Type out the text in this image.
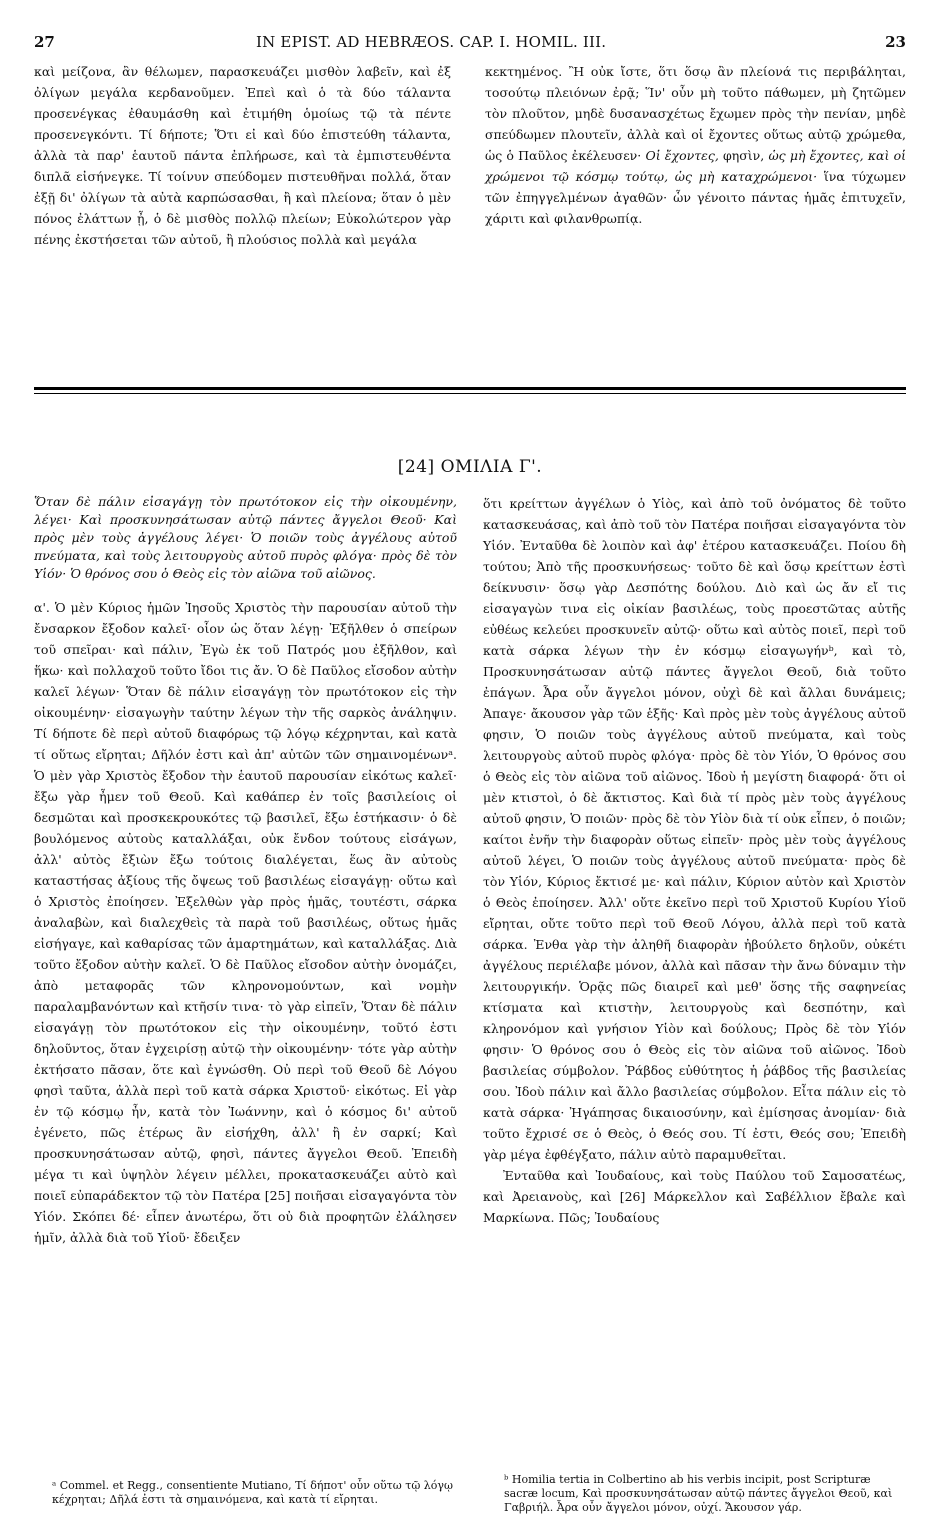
27	IN EPIST. AD HEBRÆOS. CAP. I. HOMIL. III.	23

καὶ μείζονα, ἂν θέλωμεν, παρασκευάζει μισθὸν λαβεῖν, καὶ ἐξ ὀλίγων μεγάλα κερδανοῦμεν. Ἐπεὶ καὶ ὁ τὰ δύο τάλαντα προσενέγκας ἐθαυμάσθη καὶ ἐτιμήθη ὁμοίως τῷ τὰ πέντε προσενεγκόντι. Τί δήποτε; Ὅτι εἰ καὶ δύο ἐπιστεύθη τάλαντα, ἀλλὰ τὰ παρ' ἑαυτοῦ πάντα ἐπλήρωσε, καὶ τὰ ἐμπιστευθέντα διπλᾶ εἰσήνεγκε. Τί τοίνυν σπεύδομεν πιστευθῆναι πολλά, ὅταν ἐξῇ δι' ὀλίγων τὰ αὐτὰ καρπώσασθαι, ἢ καὶ πλείονα; ὅταν ὁ μὲν πόνος ἐλάττων ᾖ, ὁ δὲ μισθὸς πολλῷ πλείων; Εὐκολώτερον γὰρ πένης ἐκστήσεται τῶν αὐτοῦ, ἢ πλούσιος πολλὰ καὶ μεγάλα

κεκτημένος. Ἢ οὐκ ἴστε, ὅτι ὅσῳ ἂν πλείονά τις περιβάληται, τοσούτῳ πλειόνων ἐρᾷ; Ἵν' οὖν μὴ τοῦτο πάθωμεν, μὴ ζητῶμεν τὸν πλοῦτον, μηδὲ δυσανασχέτως ἔχωμεν πρὸς τὴν πενίαν, μηδὲ σπεύδωμεν πλουτεῖν, ἀλλὰ καὶ οἱ ἔχοντες οὕτως αὐτῷ χρώμεθα, ὡς ὁ Παῦλος ἐκέλευσεν· Οἱ ἔχοντες, φησὶν, ὡς μὴ ἔχοντες, καὶ οἱ χρώμενοι τῷ κόσμῳ τούτῳ, ὡς μὴ καταχρώμενοι· ἵνα τύχωμεν τῶν ἐπηγγελμένων ἀγαθῶν· ὧν γένοιτο πάντας ἡμᾶς ἐπιτυχεῖν, χάριτι καὶ φιλανθρωπίᾳ.

[24] ΟΜΙΛΙΑ Γ'.

Ὅταν δὲ πάλιν εἰσαγάγῃ τὸν πρωτότοκον εἰς τὴν οἰκουμένην, λέγει· Καὶ προσκυνησάτωσαν αὐτῷ πάντες ἄγγελοι Θεοῦ· Καὶ πρὸς μὲν τοὺς ἀγγέλους λέγει· Ὁ ποιῶν τοὺς ἀγγέλους αὐτοῦ πνεύματα, καὶ τοὺς λειτουργοὺς αὐτοῦ πυρὸς φλόγα· πρὸς δὲ τὸν Υἱόν· Ὁ θρόνος σου ὁ Θεὸς εἰς τὸν αἰῶνα τοῦ αἰῶνος.

α'. Ὁ μὲν Κύριος ἡμῶν Ἰησοῦς Χριστὸς τὴν παρουσίαν αὐτοῦ τὴν ἔνσαρκον ἔξοδον καλεῖ· οἷον ὡς ὅταν λέγῃ· Ἐξῆλθεν ὁ σπείρων τοῦ σπεῖραι· καὶ πάλιν, Ἐγὼ ἐκ τοῦ Πατρός μου ἐξῆλθον, καὶ ἥκω· καὶ πολλαχοῦ τοῦτο ἴδοι τις ἄν. Ὁ δὲ Παῦλος εἴσοδον αὐτὴν καλεῖ λέγων· Ὅταν δὲ πάλιν εἰσαγάγῃ τὸν πρωτότοκον εἰς τὴν οἰκουμένην· εἰσαγωγὴν ταύτην λέγων τὴν τῆς σαρκὸς ἀνάληψιν. Τί δήποτε δὲ περὶ αὐτοῦ διαφόρως τῷ λόγῳ κέχρηνται, καὶ κατὰ τί οὕτως εἴρηται; Δῆλόν ἐστι καὶ ἀπ' αὐτῶν τῶν σημαινομένωνᵃ. Ὁ μὲν γὰρ Χριστὸς ἔξοδον τὴν ἑαυτοῦ παρουσίαν εἰκότως καλεῖ· ἔξω γὰρ ἦμεν τοῦ Θεοῦ. Καὶ καθάπερ ἐν τοῖς βασιλείοις οἱ δεσμῶται καὶ προσκεκρουκότες τῷ βασιλεῖ, ἔξω ἑστήκασιν· ὁ δὲ βουλόμενος αὐτοὺς καταλλάξαι, οὐκ ἔνδον τούτους εἰσάγων, ἀλλ' αὐτὸς ἔξιὼν ἔξω τούτοις διαλέγεται, ἕως ἂν αὐτοὺς καταστήσας ἀξίους τῆς ὄψεως τοῦ βασιλέως εἰσαγάγῃ· οὕτω καὶ ὁ Χριστὸς ἐποίησεν. Ἐξελθὼν γὰρ πρὸς ἡμᾶς, τουτέστι, σάρκα ἀναλαβὼν, καὶ διαλεχθεὶς τὰ παρὰ τοῦ βασιλέως, οὕτως ἡμᾶς εἰσήγαγε, καὶ καθαρίσας τῶν ἁμαρτημάτων, καὶ καταλλάξας. Διὰ τοῦτο ἔξοδον αὐτὴν καλεῖ. Ὁ δὲ Παῦλος εἴσοδον αὐτὴν ὀνομάζει, ἀπὸ μεταφορᾶς τῶν κληρονομούντων, καὶ νομὴν παραλαμβανόντων καὶ κτῆσίν τινα· τὸ γὰρ εἰπεῖν, Ὅταν δὲ πάλιν εἰσαγάγῃ τὸν πρωτότοκον εἰς τὴν οἰκουμένην, τοῦτό ἐστι δηλοῦντος, ὅταν ἐγχειρίσῃ αὐτῷ τὴν οἰκουμένην· τότε γὰρ αὐτὴν ἐκτήσατο πᾶσαν, ὅτε καὶ ἐγνώσθη. Οὐ περὶ τοῦ Θεοῦ δὲ Λόγου φησὶ ταῦτα, ἀλλὰ περὶ τοῦ κατὰ σάρκα Χριστοῦ· εἰκότως. Εἰ γὰρ ἐν τῷ κόσμῳ ἦν, κατὰ τὸν Ἰωάννην, καὶ ὁ κόσμος δι' αὐτοῦ ἐγένετο, πῶς ἑτέρως ἂν εἰσήχθη, ἀλλ' ἢ ἐν σαρκί; Καὶ προσκυνησάτωσαν αὐτῷ, φησὶ, πάντες ἄγγελοι Θεοῦ. Ἐπειδὴ μέγα τι καὶ ὑψηλὸν λέγειν μέλλει, προκατασκευάζει αὐτὸ καὶ ποιεῖ εὐπαράδεκτον τῷ τὸν Πατέρα [25] ποιῆσαι εἰσαγαγόντα τὸν Υἱόν. Σκόπει δέ· εἶπεν ἀνωτέρω, ὅτι οὐ διὰ προφητῶν ἐλάλησεν ἡμῖν, ἀλλὰ διὰ τοῦ Υἱοῦ· ἔδειξεν

ὅτι κρείττων ἀγγέλων ὁ Υἱὸς, καὶ ἀπὸ τοῦ ὀνόματος δὲ τοῦτο κατασκευάσας, καὶ ἀπὸ τοῦ τὸν Πατέρα ποιῆσαι εἰσαγαγόντα τὸν Υἱόν. Ἐνταῦθα δὲ λοιπὸν καὶ ἀφ' ἑτέρου κατασκευάζει. Ποίου δὴ τούτου; Ἀπὸ τῆς προσκυνήσεως· τοῦτο δὲ καὶ ὅσῳ κρείττων ἐστὶ δείκνυσιν· ὅσῳ γὰρ Δεσπότης δούλου. Διὸ καὶ ὡς ἄν εἴ τις εἰσαγαγὼν τινα εἰς οἰκίαν βασιλέως, τοὺς προεστῶτας αὐτῆς εὐθέως κελεύει προσκυνεῖν αὐτῷ· οὕτω καὶ αὐτὸς ποιεῖ, περὶ τοῦ κατὰ σάρκα λέγων τὴν ἐν κόσμῳ εἰσαγωγήνᵇ, καὶ τὸ, Προσκυνησάτωσαν αὐτῷ πάντες ἄγγελοι Θεοῦ, διὰ τοῦτο ἐπάγων. Ἆρα οὖν ἄγγελοι μόνον, οὐχὶ δὲ καὶ ἄλλαι δυνάμεις; Ἀπαγε· ἄκουσον γὰρ τῶν ἑξῆς· Καὶ πρὸς μὲν τοὺς ἀγγέλους αὐτοῦ φησιν, Ὁ ποιῶν τοὺς ἀγγέλους αὐτοῦ πνεύματα, καὶ τοὺς λειτουργοὺς αὐτοῦ πυρὸς φλόγα· πρὸς δὲ τὸν Υἱόν, Ὁ θρόνος σου ὁ Θεὸς εἰς τὸν αἰῶνα τοῦ αἰῶνος. Ἰδοὺ ἡ μεγίστη διαφορά· ὅτι οἱ μὲν κτιστοὶ, ὁ δὲ ἄκτιστος. Καὶ διὰ τί πρὸς μὲν τοὺς ἀγγέλους αὐτοῦ φησιν, Ὁ ποιῶν· πρὸς δὲ τὸν Υἱὸν διὰ τί οὐκ εἶπεν, ὁ ποιῶν; καίτοι ἐνῆν τὴν διαφορὰν οὕτως εἰπεῖν· πρὸς μὲν τοὺς ἀγγέλους αὐτοῦ λέγει, Ὁ ποιῶν τοὺς ἀγγέλους αὐτοῦ πνεύματα· πρὸς δὲ τὸν Υἱόν, Κύριος ἔκτισέ με· καὶ πάλιν, Κύριον αὐτὸν καὶ Χριστὸν ὁ Θεὸς ἐποίησεν. Ἀλλ' οὔτε ἐκεῖνο περὶ τοῦ Χριστοῦ Κυρίου Υἱοῦ εἴρηται, οὔτε τοῦτο περὶ τοῦ Θεοῦ Λόγου, ἀλλὰ περὶ τοῦ κατὰ σάρκα. Ἐνθα γὰρ τὴν ἀληθῆ διαφορὰν ἠβούλετο δηλοῦν, οὐκέτι ἀγγέλους περιέλαβε μόνον, ἀλλὰ καὶ πᾶσαν τὴν ἄνω δύναμιν τὴν λειτουργικήν. Ὁρᾷς πῶς διαιρεῖ καὶ μεθ' ὅσης τῆς σαφηνείας κτίσματα καὶ κτιστὴν, λειτουργοὺς καὶ δεσπότην, καὶ κληρονόμον καὶ γνήσιον Υἱὸν καὶ δούλους; Πρὸς δὲ τὸν Υἱόν φησιν· Ὁ θρόνος σου ὁ Θεὸς εἰς τὸν αἰῶνα τοῦ αἰῶνος. Ἰδοὺ βασιλείας σύμβολον. Ῥάβδος εὐθύτητος ἡ ῥάβδος τῆς βασιλείας σου. Ἰδοὺ πάλιν καὶ ἄλλο βασιλείας σύμβολον. Εἶτα πάλιν εἰς τὸ κατὰ σάρκα· Ἠγάπησας δικαιοσύνην, καὶ ἐμίσησας ἀνομίαν· διὰ τοῦτο ἔχρισέ σε ὁ Θεὸς, ὁ Θεός σου. Τί ἐστι, Θεός σου; Ἐπειδὴ γὰρ μέγα ἐφθέγξατο, πάλιν αὐτὸ παραμυθεῖται.

Ἐνταῦθα καὶ Ἰουδαίους, καὶ τοὺς Παύλου τοῦ Σαμοσατέως, καὶ Ἀρειανοὺς, καὶ [26] Μάρκελλον καὶ Σαβέλλιον ἔβαλε καὶ Μαρκίωνα. Πῶς; Ἰουδαίους

ᵃ Commel. et Regg., consentiente Mutiano, Τί δήποτ' οὖν οὕτω τῷ λόγῳ κέχρηται; Δῆλά ἐστι τὰ σημαινόμενα, καὶ κατὰ τί εἴρηται.

ᵇ Homilia tertia in Colbertino ab his verbis incipit, post Scripturæ sacræ locum, Καὶ προσκυνησάτωσαν αὐτῷ πάντες ἄγγελοι Θεοῦ, καὶ Γαβριήλ. Ἆρα οὖν ἄγγελοι μόνον, οὐχί. Ἄκουσον γάρ.
